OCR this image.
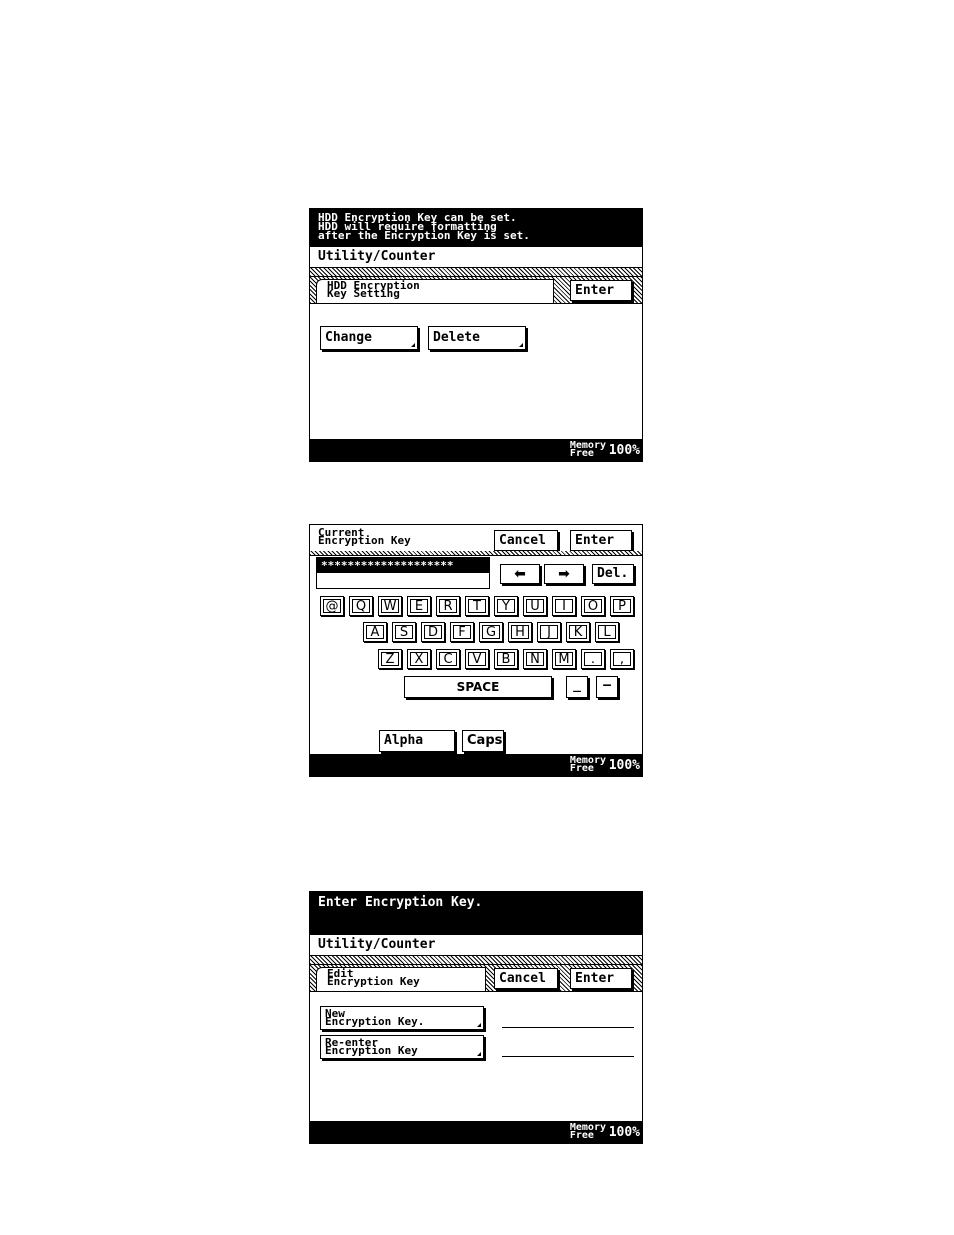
HDD Encryption Key can be set.
HDD will require formatting
after the Encryption Key is set.
Utility/Counter
HDD Encryption
Key Setting	Enter
Change	Delete
Memory
Free	100%
Current
Encryption Key	Cancel	Enter
********************
⬅	➡	Del.
@ Q W	E	R	T	Y	U	I	O	P
A	S	D	F	G	H	J	K	L
Z	X	C	V	B	N	M	.	,
SPACE	_	—
Alpha	Caps
Memory
Free	100%
Enter Encryption Key.
Utility/Counter
Edit
Encryption Key	Cancel	Enter
New
Encryption Key.
Re-enter
Encryption Key
Memory
Free	100%
